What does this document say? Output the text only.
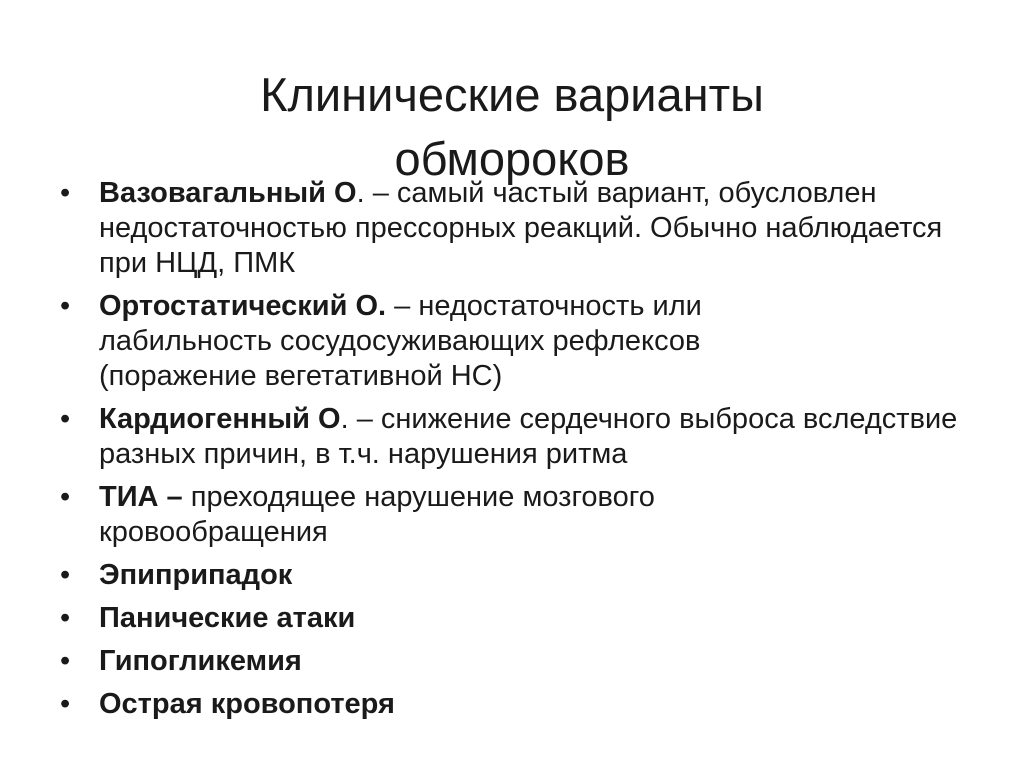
Клинические варианты
обмороков
• Вазовагальный О. – самый частый вариант, обусловлен недостаточностью прессорных реакций. Обычно наблюдается при НЦД, ПМК
• Ортостатический О. – недостаточность или лабильность сосудосуживающих рефлексов (поражение вегетативной НС)
• Кардиогенный О. – снижение сердечного выброса вследствие разных причин, в т.ч. нарушения ритма
• ТИА – преходящее нарушение мозгового кровообращения
• Эпиприпадок
• Панические атаки
• Гипогликемия
• Острая кровопотеря
